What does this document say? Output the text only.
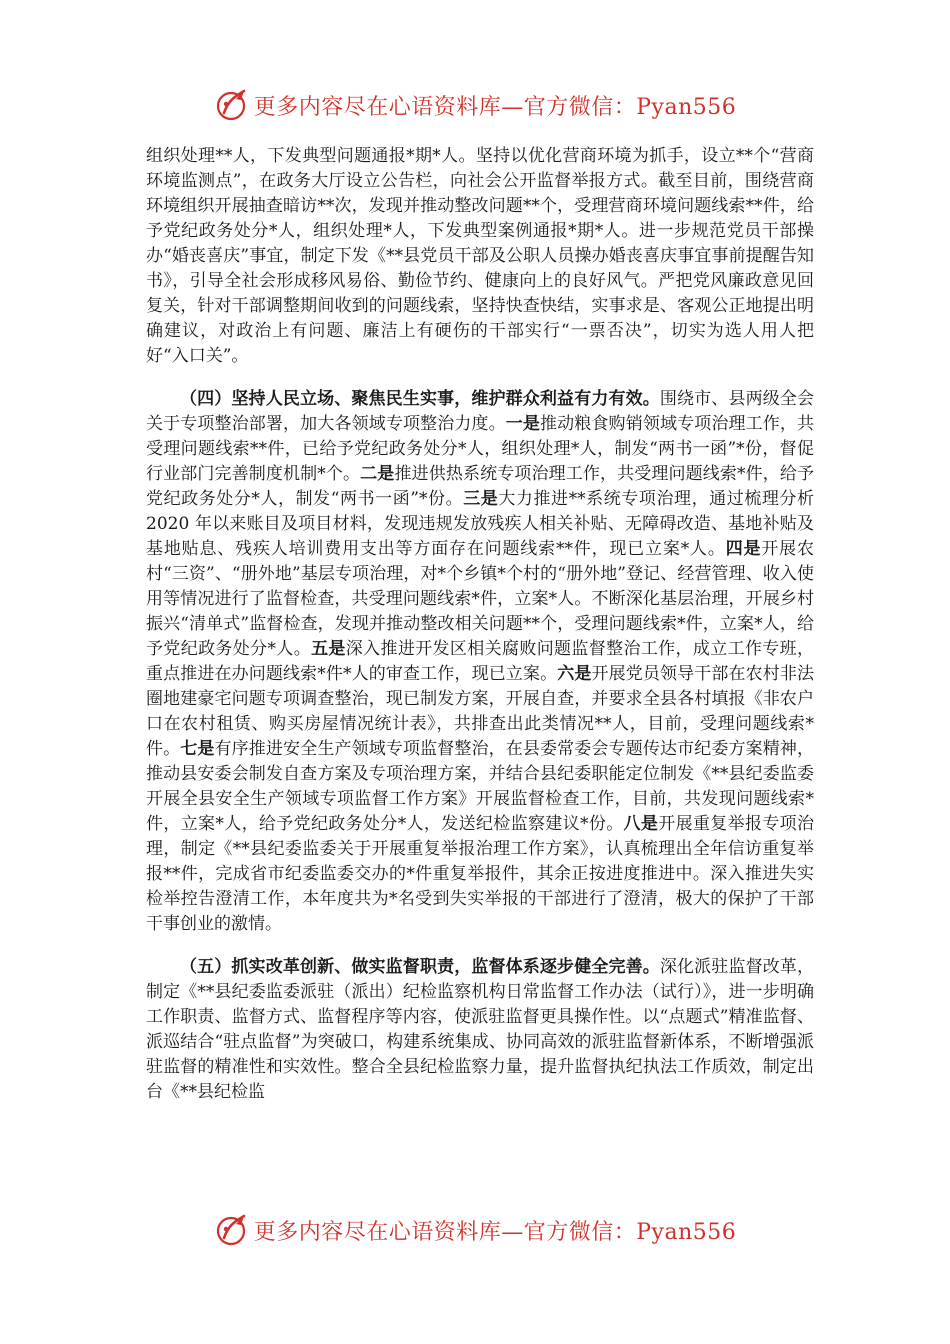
更多内容尽在心语资料库—官方微信：Pyan556

组织处理**人，下发典型问题通报*期*人。坚持以优化营商环境为抓手，设立**个“营商环境监测点”，在政务大厅设立公告栏，向社会公开监督举报方式。截至目前，围绕营商环境组织开展抽查暗访**次，发现并推动整改问题**个，受理营商环境问题线索**件，给予党纪政务处分*人，组织处理*人，下发典型案例通报*期*人。进一步规范党员干部操办“婚丧喜庆”事宜，制定下发《**县党员干部及公职人员操办婚丧喜庆事宜事前提醒告知书》，引导全社会形成移风易俗、勤俭节约、健康向上的良好风气。严把党风廉政意见回复关，针对干部调整期间收到的问题线索，坚持快查快结，实事求是、客观公正地提出明确建议，对政治上有问题、廉洁上有硬伤的干部实行“一票否决”，切实为选人用人把好“入口关”。

（四）坚持人民立场、聚焦民生实事，维护群众利益有力有效。围绕市、县两级全会关于专项整治部署，加大各领域专项整治力度。一是推动粮食购销领域专项治理工作，共受理问题线索**件，已给予党纪政务处分*人，组织处理*人，制发“两书一函”*份，督促行业部门完善制度机制*个。二是推进供热系统专项治理工作，共受理问题线索*件，给予党纪政务处分*人，制发“两书一函”*份。三是大力推进**系统专项治理，通过梳理分析 2020 年以来账目及项目材料，发现违规发放残疾人相关补贴、无障碍改造、基地补贴及基地贴息、残疾人培训费用支出等方面存在问题线索**件，现已立案*人。四是开展农村“三资”、“册外地”基层专项治理，对*个乡镇*个村的“册外地”登记、经营管理、收入使用等情况进行了监督检查，共受理问题线索*件，立案*人。不断深化基层治理，开展乡村振兴“清单式”监督检查，发现并推动整改相关问题**个，受理问题线索*件，立案*人，给予党纪政务处分*人。五是深入推进开发区相关腐败问题监督整治工作，成立工作专班，重点推进在办问题线索*件*人的审查工作，现已立案。六是开展党员领导干部在农村非法圈地建豪宅问题专项调查整治，现已制发方案，开展自查，并要求全县各村填报《非农户口在农村租赁、购买房屋情况统计表》，共排查出此类情况**人，目前，受理问题线索*件。七是有序推进安全生产领域专项监督整治，在县委常委会专题传达市纪委方案精神，推动县安委会制发自查方案及专项治理方案，并结合县纪委职能定位制发《**县纪委监委开展全县安全生产领域专项监督工作方案》开展监督检查工作，目前，共发现问题线索*件，立案*人，给予党纪政务处分*人，发送纪检监察建议*份。八是开展重复举报专项治理，制定《**县纪委监委关于开展重复举报治理工作方案》，认真梳理出全年信访重复举报**件，完成省市纪委监委交办的*件重复举报件，其余正按进度推进中。深入推进失实检举控告澄清工作，本年度共为*名受到失实举报的干部进行了澄清，极大的保护了干部干事创业的激情。

（五）抓实改革创新、做实监督职责，监督体系逐步健全完善。深化派驻监督改革，制定《**县纪委监委派驻（派出）纪检监察机构日常监督工作办法（试行）》，进一步明确工作职责、监督方式、监督程序等内容，使派驻监督更具操作性。以“点题式”精准监督、派巡结合“驻点监督”为突破口，构建系统集成、协同高效的派驻监督新体系，不断增强派驻监督的精准性和实效性。整合全县纪检监察力量，提升监督执纪执法工作质效，制定出台《**县纪检监

更多内容尽在心语资料库—官方微信：Pyan556
